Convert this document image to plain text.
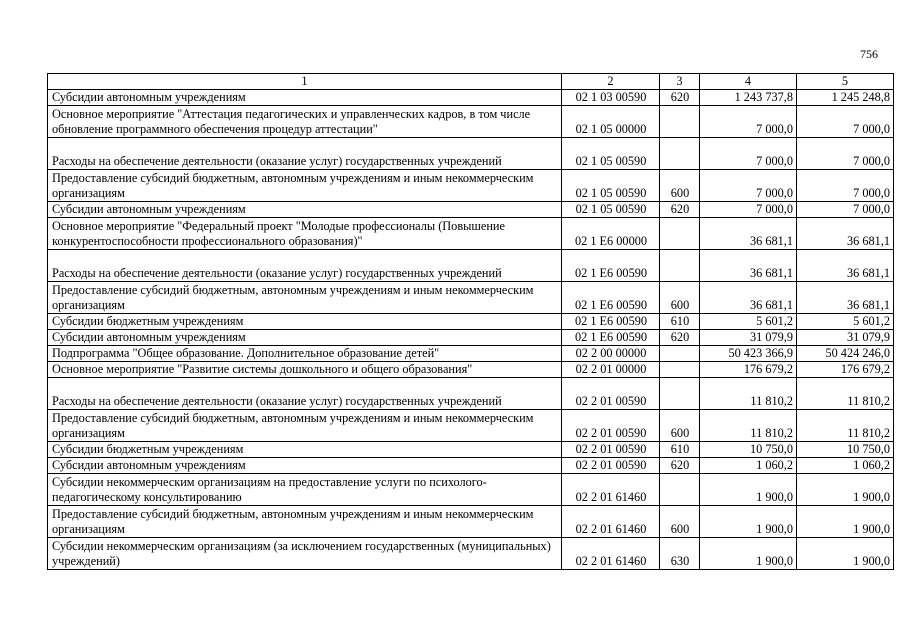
756
1	2	3	4	5
Субсидии автономным учреждениям	02 1 03 00590	620	1 243 737,8	1 245 248,8
Основное мероприятие "Аттестация педагогических и управленческих кадров, в том числе обновление программного обеспечения процедур аттестации"	02 1 05 00000		7 000,0	7 000,0
Расходы на обеспечение деятельности (оказание услуг) государственных учреждений	02 1 05 00590		7 000,0	7 000,0
Предоставление субсидий бюджетным, автономным учреждениям и иным некоммерческим организациям	02 1 05 00590	600	7 000,0	7 000,0
Субсидии автономным учреждениям	02 1 05 00590	620	7 000,0	7 000,0
Основное мероприятие "Федеральный проект "Молодые профессионалы (Повышение конкурентоспособности профессионального образования)"	02 1 Е6 00000		36 681,1	36 681,1
Расходы на обеспечение деятельности (оказание услуг) государственных учреждений	02 1 Е6 00590		36 681,1	36 681,1
Предоставление субсидий бюджетным, автономным учреждениям и иным некоммерческим организациям	02 1 Е6 00590	600	36 681,1	36 681,1
Субсидии бюджетным учреждениям	02 1 Е6 00590	610	5 601,2	5 601,2
Субсидии автономным учреждениям	02 1 Е6 00590	620	31 079,9	31 079,9
Подпрограмма "Общее образование. Дополнительное образование детей"	02 2 00 00000		50 423 366,9	50 424 246,0
Основное мероприятие "Развитие системы дошкольного и общего образования"	02 2 01 00000		176 679,2	176 679,2
Расходы на обеспечение деятельности (оказание услуг) государственных учреждений	02 2 01 00590		11 810,2	11 810,2
Предоставление субсидий бюджетным, автономным учреждениям и иным некоммерческим организациям	02 2 01 00590	600	11 810,2	11 810,2
Субсидии бюджетным учреждениям	02 2 01 00590	610	10 750,0	10 750,0
Субсидии автономным учреждениям	02 2 01 00590	620	1 060,2	1 060,2
Субсидии некоммерческим организациям на предоставление услуги по психолого-педагогическому консультированию	02 2 01 61460		1 900,0	1 900,0
Предоставление субсидий бюджетным, автономным учреждениям и иным некоммерческим организациям	02 2 01 61460	600	1 900,0	1 900,0
Субсидии некоммерческим организациям (за исключением государственных (муниципальных) учреждений)	02 2 01 61460	630	1 900,0	1 900,0
